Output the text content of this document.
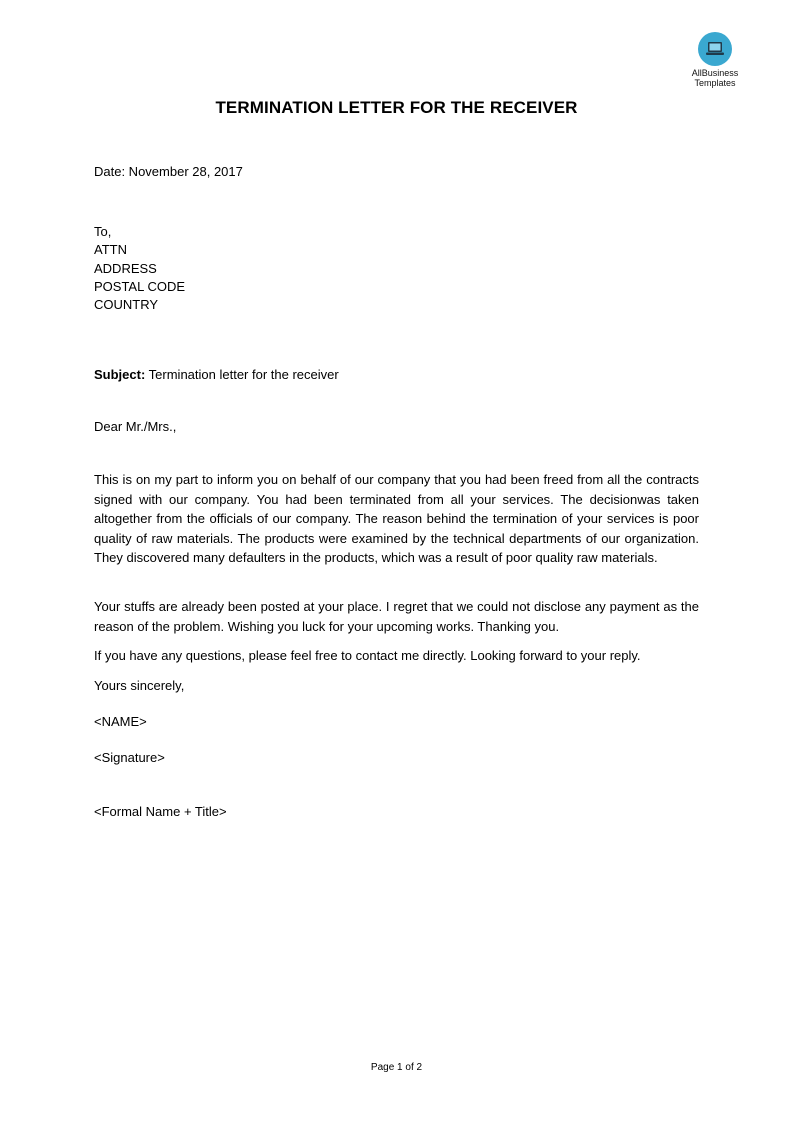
AllBusiness
Templates
TERMINATION LETTER FOR THE RECEIVER
Date: November 28, 2017
To,
ATTN
ADDRESS
POSTAL CODE
COUNTRY
Subject: Termination letter for the receiver
Dear Mr./Mrs.,
This is on my part to inform you on behalf of our company that you had been freed from all the contracts signed with our company. You had been terminated from all your services. The decisionwas taken altogether from the officials of our company. The reason behind the termination of your services is poor quality of raw materials. The products were examined by the technical departments of our organization. They discovered many defaulters in the products, which was a result of poor quality raw materials.
Your stuffs are already been posted at your place. I regret that we could not disclose any payment as the reason of the problem. Wishing you luck for your upcoming works. Thanking you.
If you have any questions, please feel free to contact me directly. Looking forward to your reply.
Yours sincerely,
<NAME>
<Signature>
<Formal Name + Title>
Page 1 of 2
